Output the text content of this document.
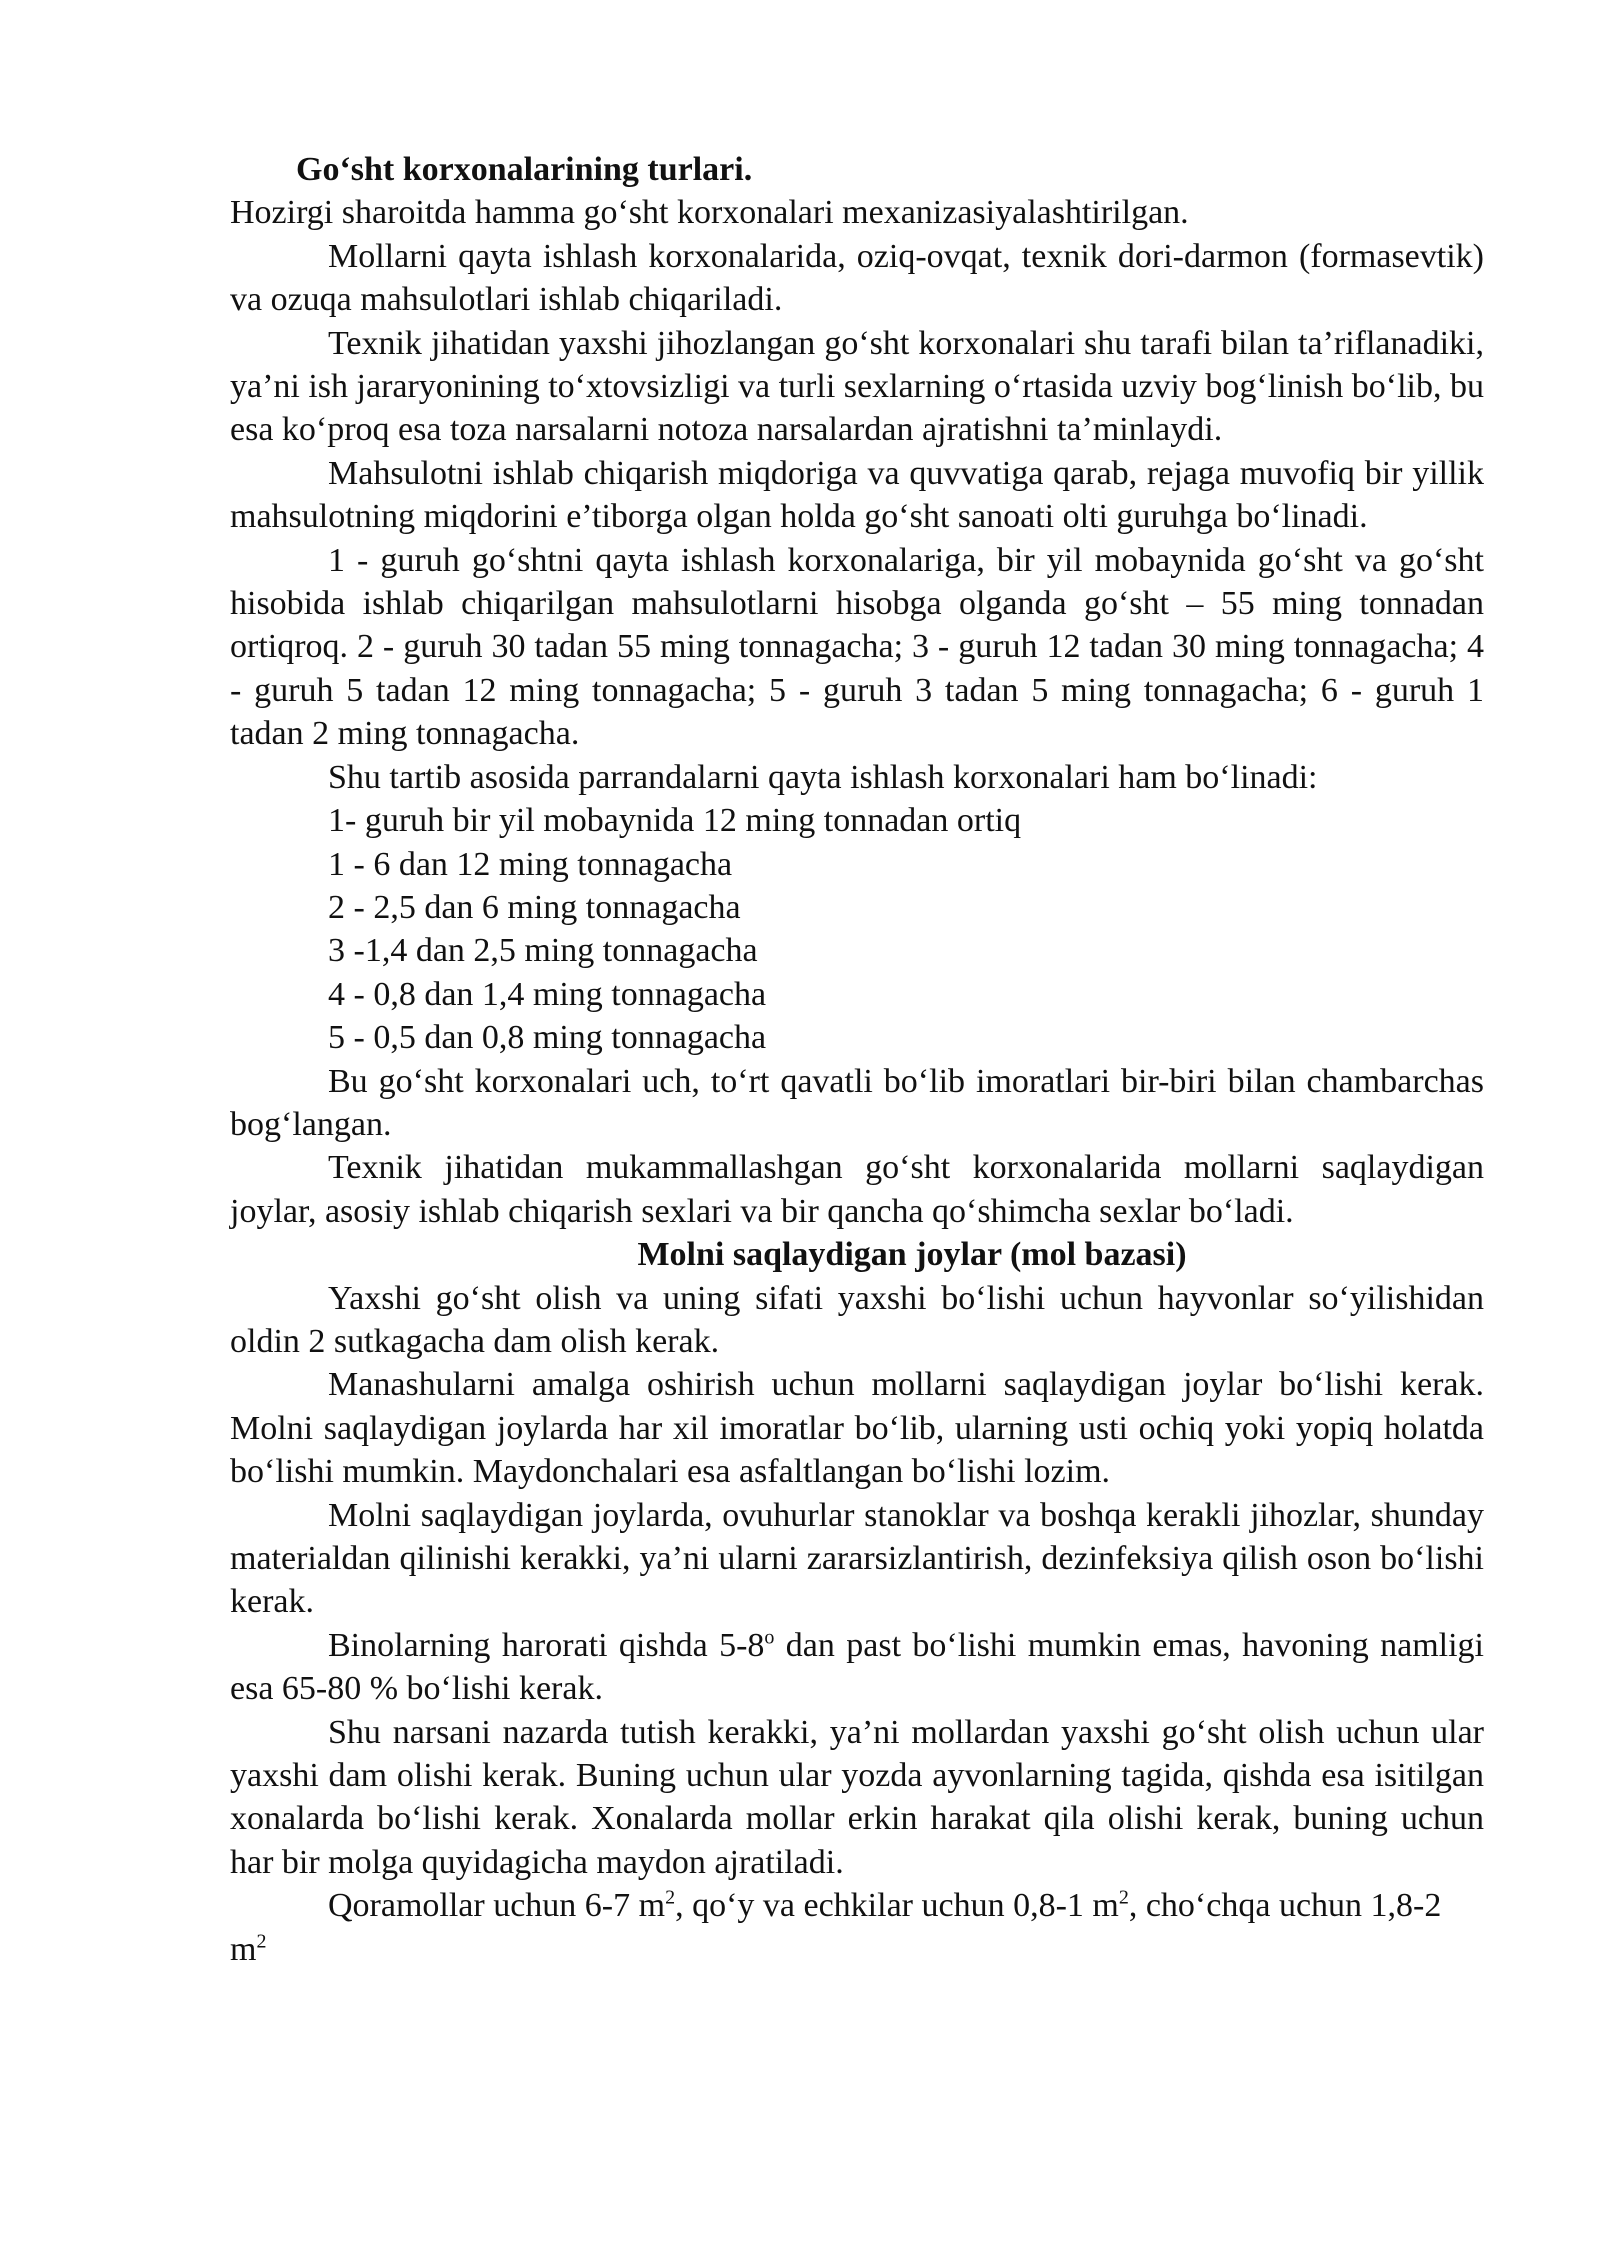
Go‘sht korxonalarining turlari.

Hozirgi sharoitda hamma go‘sht korxonalari mexanizasiyalashtirilgan.

Mollarni qayta ishlash korxonalarida, oziq-ovqat, texnik dori-darmon (formasevtik) va ozuqa mahsulotlari ishlab chiqariladi.

Texnik jihatidan yaxshi jihozlangan go‘sht korxonalari shu tarafi bilan ta’riflanadiki, ya’ni ish jararyonining to‘xtovsizligi va turli sexlarning o‘rtasida uzviy bog‘linish bo‘lib, bu esa ko‘proq esa toza narsalarni notoza narsalardan ajratishni ta’minlaydi.

Mahsulotni ishlab chiqarish miqdoriga va quvvatiga qarab, rejaga muvofiq bir yillik mahsulotning miqdorini e’tiborga olgan holda go‘sht sanoati olti guruhga bo‘linadi.

1 - guruh go‘shtni qayta ishlash korxonalariga, bir yil mobaynida go‘sht va go‘sht hisobida ishlab chiqarilgan mahsulotlarni hisobga olganda go‘sht – 55 ming tonnadan ortiqroq. 2 - guruh 30 tadan 55 ming tonnagacha; 3 - guruh 12 tadan 30 ming tonnagacha; 4 - guruh 5 tadan 12 ming tonnagacha; 5 - guruh 3 tadan 5 ming tonnagacha; 6 - guruh 1 tadan 2 ming tonnagacha.

Shu tartib asosida parrandalarni qayta ishlash korxonalari ham bo‘linadi:

1- guruh bir yil mobaynida 12 ming tonnadan ortiq

1 - 6 dan 12 ming tonnagacha

2 - 2,5 dan 6 ming tonnagacha

3 -1,4 dan 2,5 ming tonnagacha

4 - 0,8 dan 1,4 ming tonnagacha

5 - 0,5 dan 0,8 ming tonnagacha

Bu go‘sht korxonalari uch, to‘rt qavatli bo‘lib imoratlari bir-biri bilan chambarchas bog‘langan.

Texnik jihatidan mukammallashgan go‘sht korxonalarida mollarni saqlaydigan joylar, asosiy ishlab chiqarish sexlari va bir qancha qo‘shimcha sexlar bo‘ladi.

Molni saqlaydigan joylar (mol bazasi)

Yaxshi go‘sht olish va uning sifati yaxshi bo‘lishi uchun hayvonlar so‘yilishidan oldin 2 sutkagacha dam olish kerak.

Manashularni amalga oshirish uchun mollarni saqlaydigan joylar bo‘lishi kerak. Molni saqlaydigan joylarda har xil imoratlar bo‘lib, ularning usti ochiq yoki yopiq holatda bo‘lishi mumkin. Maydonchalari esa asfaltlangan bo‘lishi lozim.

Molni saqlaydigan joylarda, ovuhurlar stanoklar va boshqa kerakli jihozlar, shunday materialdan qilinishi kerakki, ya’ni ularni zararsizlantirish, dezinfeksiya qilish oson bo‘lishi kerak.

Binolarning harorati qishda 5-8$^o$ dan past bo‘lishi mumkin emas, havoning namligi esa 65-80 % bo‘lishi kerak.

Shu narsani nazarda tutish kerakki, ya’ni mollardan yaxshi go‘sht olish uchun ular yaxshi dam olishi kerak. Buning uchun ular yozda ayvonlarning tagida, qishda esa isitilgan xonalarda bo‘lishi kerak. Xonalarda mollar erkin harakat qila olishi kerak, buning uchun har bir molga quyidagicha maydon ajratiladi.

Qoramollar uchun 6-7 $m^2$, qo‘y va echkilar uchun 0,8-1 $m^2$, cho‘chqa uchun 1,8-2 $m^2$
